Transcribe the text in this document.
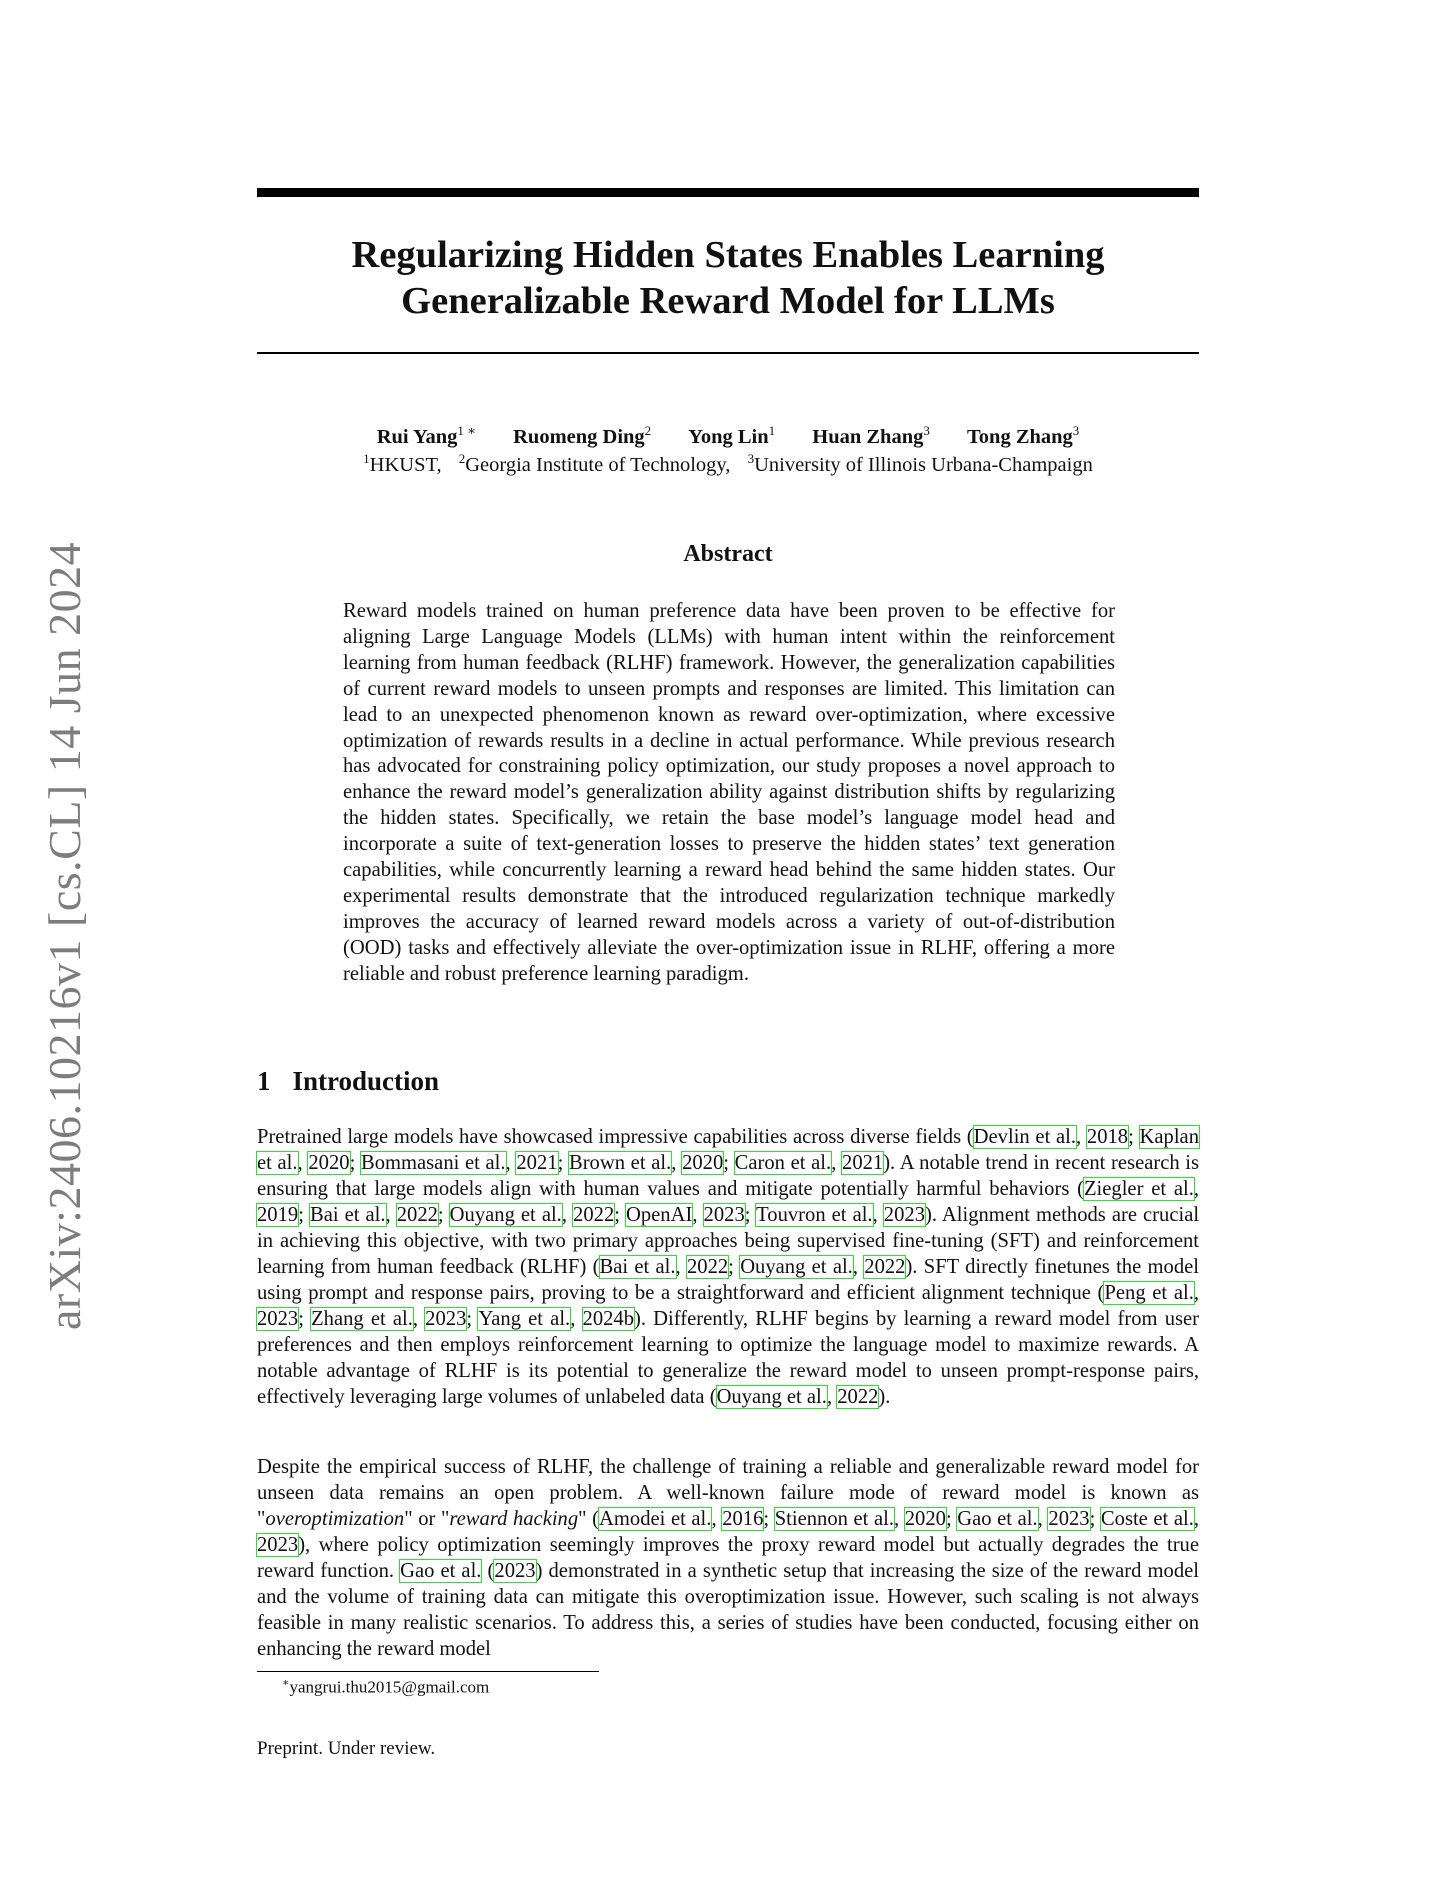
arXiv:2406.10216v1 [cs.CL] 14 Jun 2024
Regularizing Hidden States Enables Learning
Generalizable Reward Model for LLMs
Rui Yang$^{1 ∗}$ Ruomeng Ding$^2$ Yong Lin$^1$ Huan Zhang$^3$ Tong Zhang$^3$
$^1$HKUST, $^2$Georgia Institute of Technology, $^3$University of Illinois Urbana-Champaign
Abstract
Reward models trained on human preference data have been proven to be effective for aligning Large Language Models (LLMs) with human intent within the reinforcement learning from human feedback (RLHF) framework. However, the generalization capabilities of current reward models to unseen prompts and responses are limited. This limitation can lead to an unexpected phenomenon known as reward over-optimization, where excessive optimization of rewards results in a decline in actual performance. While previous research has advocated for constraining policy optimization, our study proposes a novel approach to enhance the reward model’s generalization ability against distribution shifts by regularizing the hidden states. Specifically, we retain the base model’s language model head and incorporate a suite of text-generation losses to preserve the hidden states’ text generation capabilities, while concurrently learning a reward head behind the same hidden states. Our experimental results demonstrate that the introduced regularization technique markedly improves the accuracy of learned reward models across a variety of out-of-distribution (OOD) tasks and effectively alleviate the over-optimization issue in RLHF, offering a more reliable and robust preference learning paradigm.
1 Introduction
Pretrained large models have showcased impressive capabilities across diverse fields (Devlin et al., 2018; Kaplan et al., 2020; Bommasani et al., 2021; Brown et al., 2020; Caron et al., 2021). A notable trend in recent research is ensuring that large models align with human values and mitigate potentially harmful behaviors (Ziegler et al., 2019; Bai et al., 2022; Ouyang et al., 2022; OpenAI, 2023; Touvron et al., 2023). Alignment methods are crucial in achieving this objective, with two primary approaches being supervised fine-tuning (SFT) and reinforcement learning from human feedback (RLHF) (Bai et al., 2022; Ouyang et al., 2022). SFT directly finetunes the model using prompt and response pairs, proving to be a straightforward and efficient alignment technique (Peng et al., 2023; Zhang et al., 2023; Yang et al., 2024b). Differently, RLHF begins by learning a reward model from user preferences and then employs reinforcement learning to optimize the language model to maximize rewards. A notable advantage of RLHF is its potential to generalize the reward model to unseen prompt-response pairs, effectively leveraging large volumes of unlabeled data (Ouyang et al., 2022).
Despite the empirical success of RLHF, the challenge of training a reliable and generalizable reward model for unseen data remains an open problem. A well-known failure mode of reward model is known as "overoptimization" or "reward hacking" (Amodei et al., 2016; Stiennon et al., 2020; Gao et al., 2023; Coste et al., 2023), where policy optimization seemingly improves the proxy reward model but actually degrades the true reward function. Gao et al. (2023) demonstrated in a synthetic setup that increasing the size of the reward model and the volume of training data can mitigate this overoptimization issue. However, such scaling is not always feasible in many realistic scenarios. To address this, a series of studies have been conducted, focusing either on enhancing the reward model
∗yangrui.thu2015@gmail.com
Preprint. Under review.
